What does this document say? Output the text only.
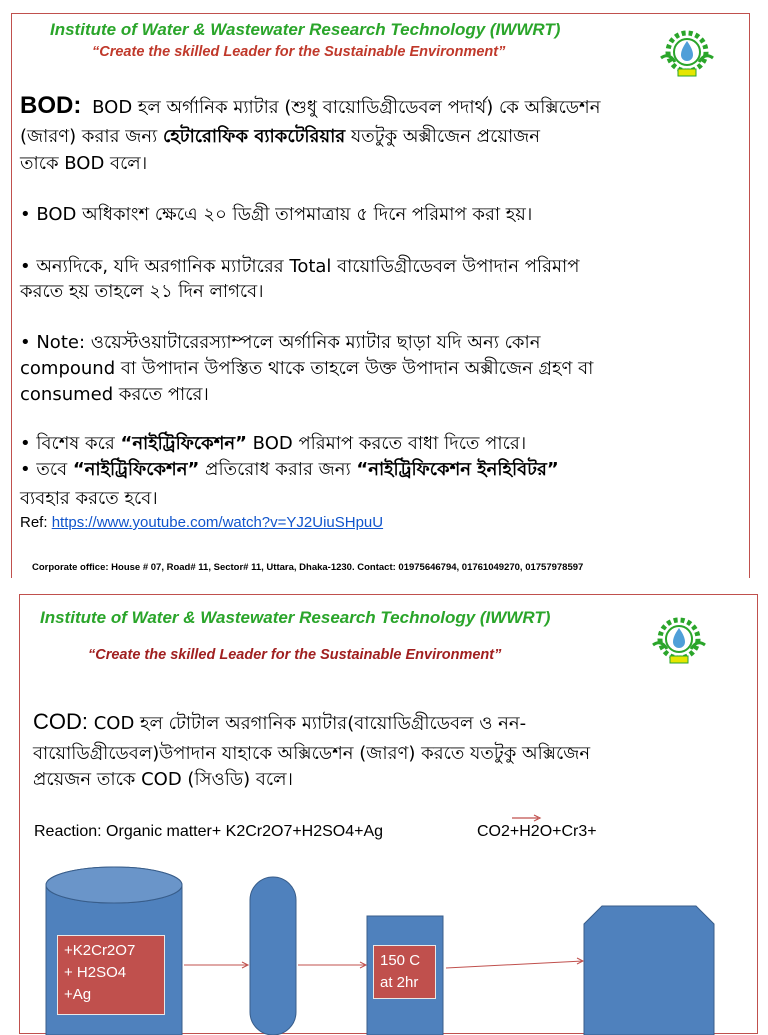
Institute of Water & Wastewater Research Technology (IWWRT)
“Create the skilled Leader for the Sustainable Environment”
BOD: BOD হল অর্গানিক ম্যাটার (শুধু বায়োডিগ্রীডেবল পদার্থ) কে অক্সিডেশন
(জারণ) করার জন্য হেটারোফিক ব্যাকটেরিয়ার যতটুকু অক্সীজেন প্রয়োজন
তাকে BOD বলে।
• BOD অধিকাংশ ক্ষেএে ২০ ডিগ্রী তাপমাত্রায় ৫ দিনে পরিমাপ করা হয়।
• অন্যদিকে, যদি অরগানিক ম্যাটারের Total বায়োডিগ্রীডেবল উপাদান পরিমাপ
করতে হয় তাহলে ২১ দিন লাগবে।
• Note: ওয়েস্টওয়াটারেরস্যাম্পলে অর্গানিক ম্যাটার ছাড়া যদি অন্য কোন
compound বা উপাদান উপস্তিত থাকে তাহলে উক্ত উপাদান অক্সীজেন গ্রহণ বা
consumed করতে পারে।
• বিশেষ করে “নাইট্রিফিকেশন” BOD পরিমাপ করতে বাধা দিতে পারে।
• তবে “নাইট্রিফিকেশন” প্রতিরোধ করার জন্য “নাইট্রিফিকেশন ইনহিবিটর”
ব্যবহার করতে হবে।
Ref: https://www.youtube.com/watch?v=YJ2UiuSHpuU
Corporate office: House # 07, Road# 11, Sector# 11, Uttara, Dhaka-1230. Contact: 01975646794, 01761049270, 01757978597
Institute of Water & Wastewater Research Technology (IWWRT)
“Create the skilled Leader for the Sustainable Environment”
COD: COD হল টোটাল অরগানিক ম্যাটার(বায়োডিগ্রীডেবল ও নন-
বায়োডিগ্রীডেবল)উপাদান যাহাকে অক্সিডেশন (জারণ) করতে যতটুকু অক্সিজেন
প্রয়েজন তাকে COD (সিওডি) বলে।
Reaction: Organic matter+ K2Cr2O7+H2SO4+Ag	CO2+H2O+Cr3+
+K2Cr2O7
+ H2SO4
+Ag
150 C
at 2hr
